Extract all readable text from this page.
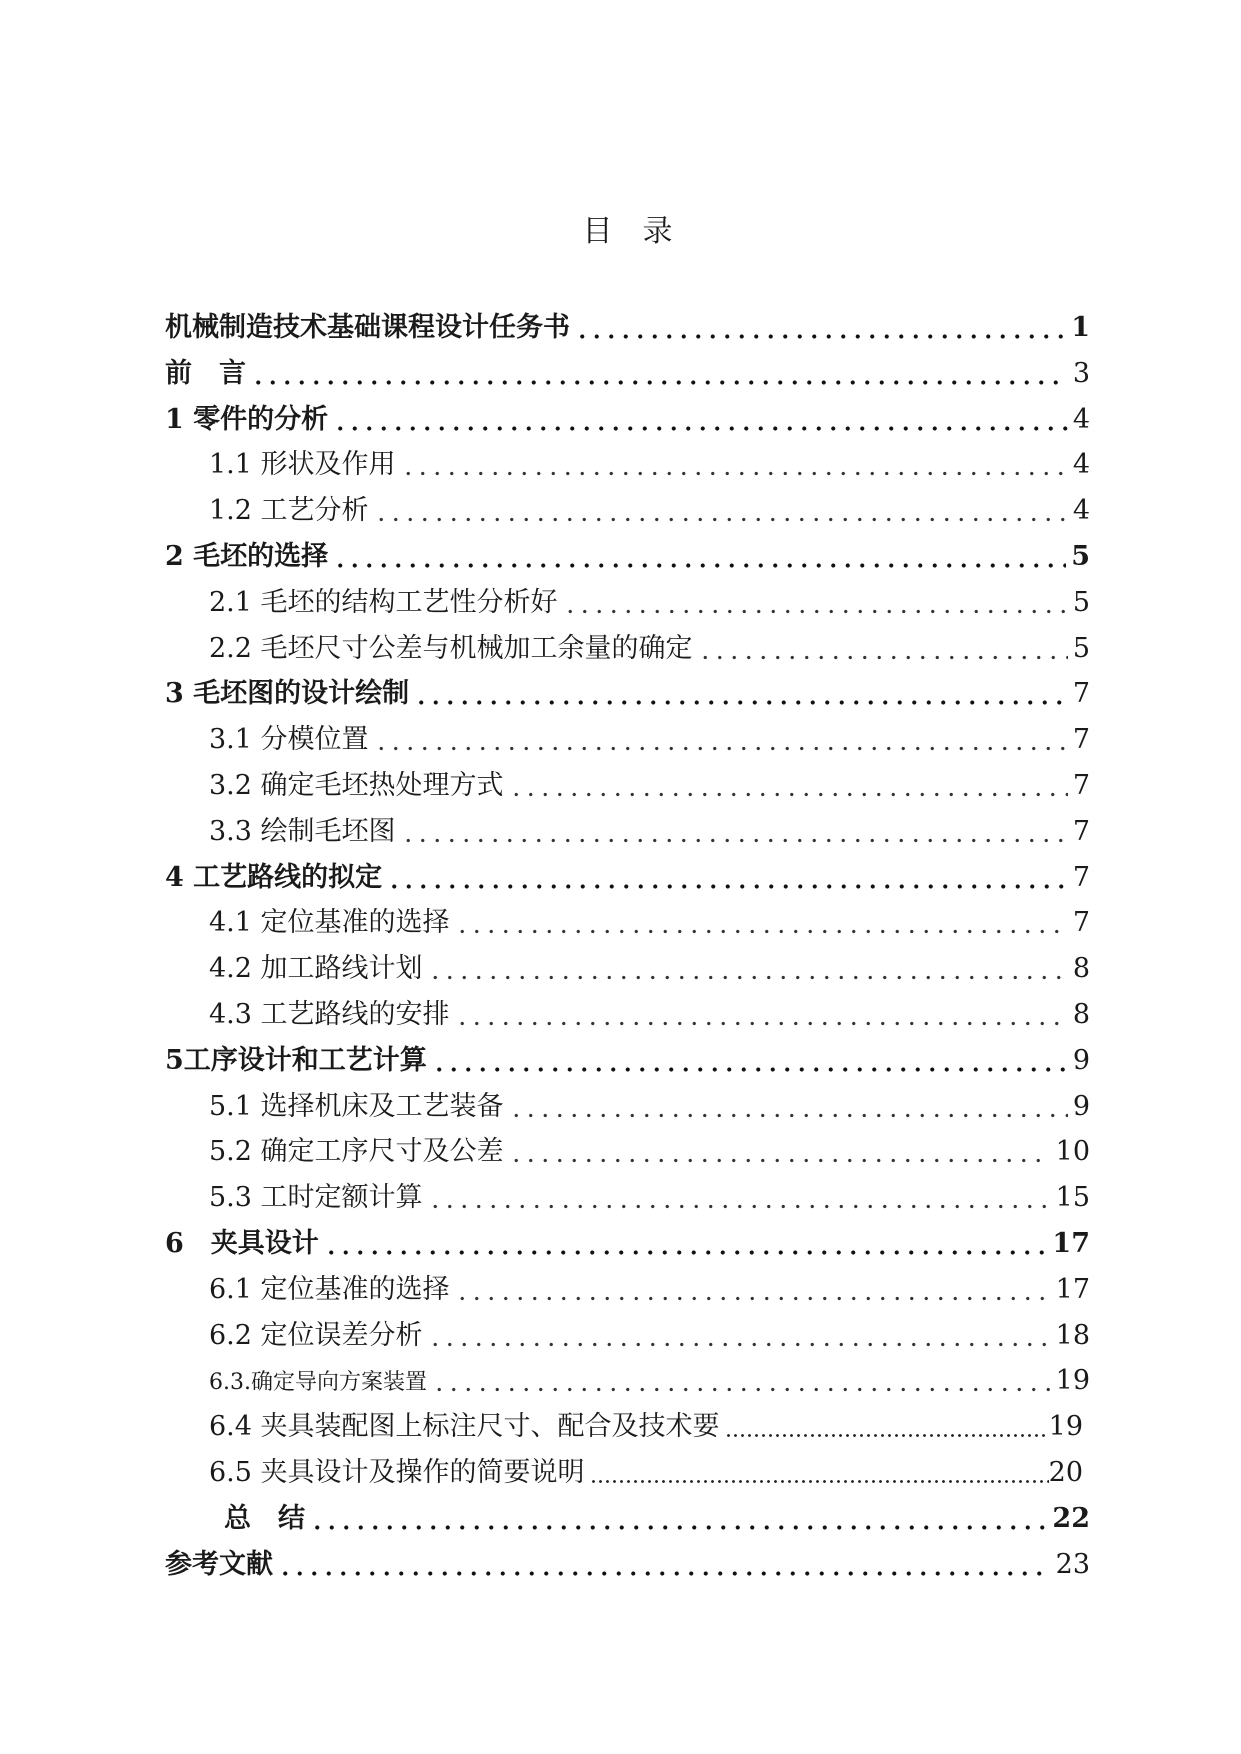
目　录
机械制造技术基础课程设计任务书	1
前　言	3
1 零件的分析	4
1.1 形状及作用	4
1.2 工艺分析	4
2 毛坯的选择	5
2.1 毛坯的结构工艺性分析好	5
2.2 毛坯尺寸公差与机械加工余量的确定	5
3 毛坯图的设计绘制	7
3.1 分模位置	7
3.2 确定毛坯热处理方式	7
3.3 绘制毛坯图	7
4 工艺路线的拟定	7
4.1 定位基准的选择	7
4.2 加工路线计划	8
4.3 工艺路线的安排	8
5工序设计和工艺计算	9
5.1 选择机床及工艺装备	9
5.2 确定工序尺寸及公差	10
5.3 工时定额计算	15
6　夹具设计	17
6.1 定位基准的选择	17
6.2 定位误差分析	18
6.3.确定导向方案装置	19
6.4 夹具装配图上标注尺寸、配合及技术要	19
6.5 夹具设计及操作的简要说明	20
总　结	22
参考文献	23
